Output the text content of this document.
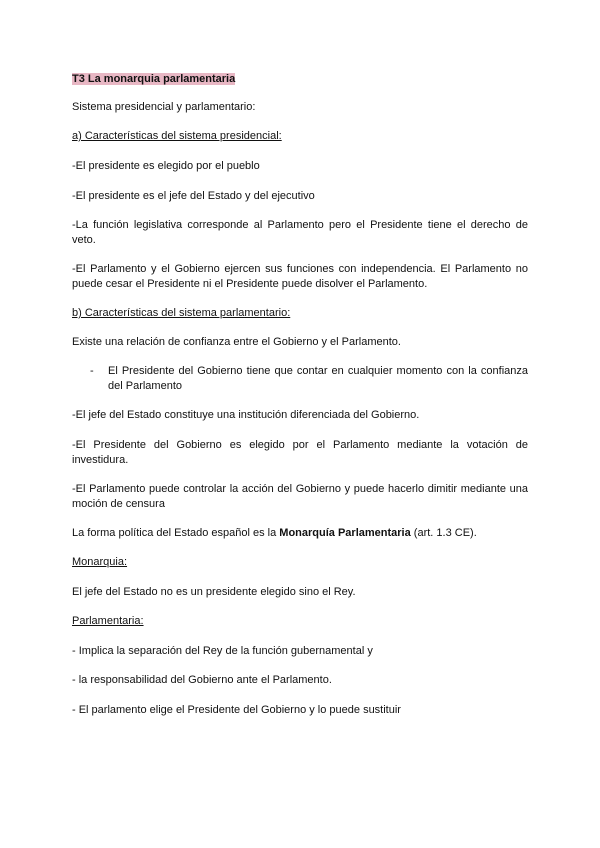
T3 La monarquia parlamentaria
Sistema presidencial y parlamentario:
a) Características del sistema presidencial:
-El presidente es elegido por el pueblo
-El presidente es el jefe del Estado y del ejecutivo
-La función legislativa corresponde al Parlamento pero el Presidente tiene el derecho de veto.
-El Parlamento y el Gobierno ejercen sus funciones con independencia. El Parlamento no puede cesar el Presidente ni el Presidente puede disolver el Parlamento.
b) Características del sistema parlamentario:
Existe una relación de confianza entre el Gobierno y el Parlamento.
- El Presidente del Gobierno tiene que contar en cualquier momento con la confianza del Parlamento
-El jefe del Estado constituye una institución diferenciada del Gobierno.
-El Presidente del Gobierno es elegido por el Parlamento mediante la votación de investidura.
-El Parlamento puede controlar la acción del Gobierno y puede hacerlo dimitir mediante una moción de censura
La forma política del Estado español es la Monarquía Parlamentaria (art. 1.3 CE).
Monarquia:
El jefe del Estado no es un presidente elegido sino el Rey.
Parlamentaria:
- Implica la separación del Rey de la función gubernamental y
- la responsabilidad del Gobierno ante el Parlamento.
- El parlamento elige el Presidente del Gobierno y lo puede sustituir
